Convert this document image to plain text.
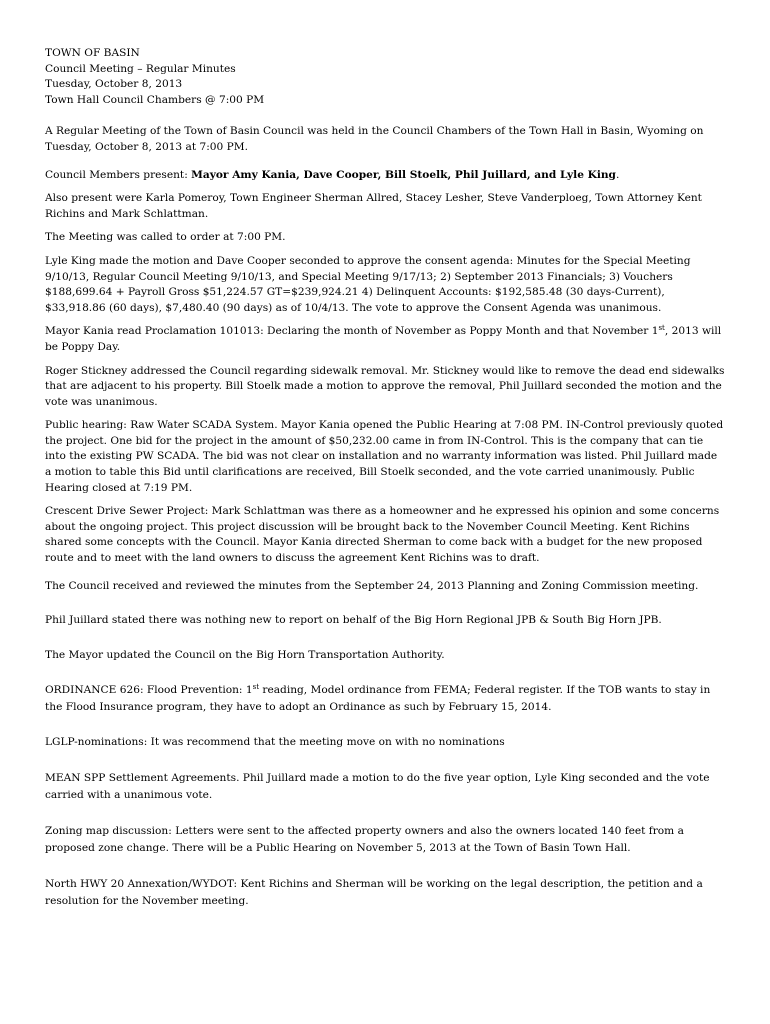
TOWN OF BASIN

Council Meeting – Regular Minutes

Tuesday, October 8, 2013

Town Hall Council Chambers @ 7:00 PM

A Regular Meeting of the Town of Basin Council was held in the Council Chambers of the Town Hall in Basin, Wyoming on Tuesday, October 8, 2013 at 7:00 PM.

Council Members present: Mayor Amy Kania, Dave Cooper, Bill Stoelk, Phil Juillard, and Lyle King.

Also present were Karla Pomeroy, Town Engineer Sherman Allred, Stacey Lesher, Steve Vanderploeg, Town Attorney Kent Richins and Mark Schlattman.

The Meeting was called to order at 7:00 PM.

Lyle King made the motion and Dave Cooper seconded to approve the consent agenda: Minutes for the Special Meeting 9/10/13, Regular Council Meeting 9/10/13, and Special Meeting 9/17/13; 2) September 2013 Financials; 3) Vouchers $188,699.64 + Payroll Gross $51,224.57 GT=$239,924.21 4) Delinquent Accounts: $192,585.48 (30 days-Current), $33,918.86 (60 days), $7,480.40 (90 days) as of 10/4/13. The vote to approve the Consent Agenda was unanimous.

Mayor Kania read Proclamation 101013: Declaring the month of November as Poppy Month and that November 1st, 2013 will be Poppy Day.

Roger Stickney addressed the Council regarding sidewalk removal. Mr. Stickney would like to remove the dead end sidewalks that are adjacent to his property. Bill Stoelk made a motion to approve the removal, Phil Juillard seconded the motion and the vote was unanimous.

Public hearing: Raw Water SCADA System. Mayor Kania opened the Public Hearing at 7:08 PM. IN-Control previously quoted the project. One bid for the project in the amount of $50,232.00 came in from IN-Control. This is the company that can tie into the existing PW SCADA. The bid was not clear on installation and no warranty information was listed. Phil Juillard made a motion to table this Bid until clarifications are received, Bill Stoelk seconded, and the vote carried unanimously. Public Hearing closed at 7:19 PM.

Crescent Drive Sewer Project: Mark Schlattman was there as a homeowner and he expressed his opinion and some concerns about the ongoing project. This project discussion will be brought back to the November Council Meeting. Kent Richins shared some concepts with the Council. Mayor Kania directed Sherman to come back with a budget for the new proposed route and to meet with the land owners to discuss the agreement Kent Richins was to draft.

The Council received and reviewed the minutes from the September 24, 2013 Planning and Zoning Commission meeting.

Phil Juillard stated there was nothing new to report on behalf of the Big Horn Regional JPB & South Big Horn JPB.

The Mayor updated the Council on the Big Horn Transportation Authority.

ORDINANCE 626: Flood Prevention: 1st reading, Model ordinance from FEMA; Federal register. If the TOB wants to stay in the Flood Insurance program, they have to adopt an Ordinance as such by February 15, 2014.

LGLP-nominations: It was recommend that the meeting move on with no nominations

MEAN SPP Settlement Agreements. Phil Juillard made a motion to do the five year option, Lyle King seconded and the vote carried with a unanimous vote.

Zoning map discussion: Letters were sent to the affected property owners and also the owners located 140 feet from a proposed zone change. There will be a Public Hearing on November 5, 2013 at the Town of Basin Town Hall.

North HWY 20 Annexation/WYDOT: Kent Richins and Sherman will be working on the legal description, the petition and a resolution for the November meeting.
